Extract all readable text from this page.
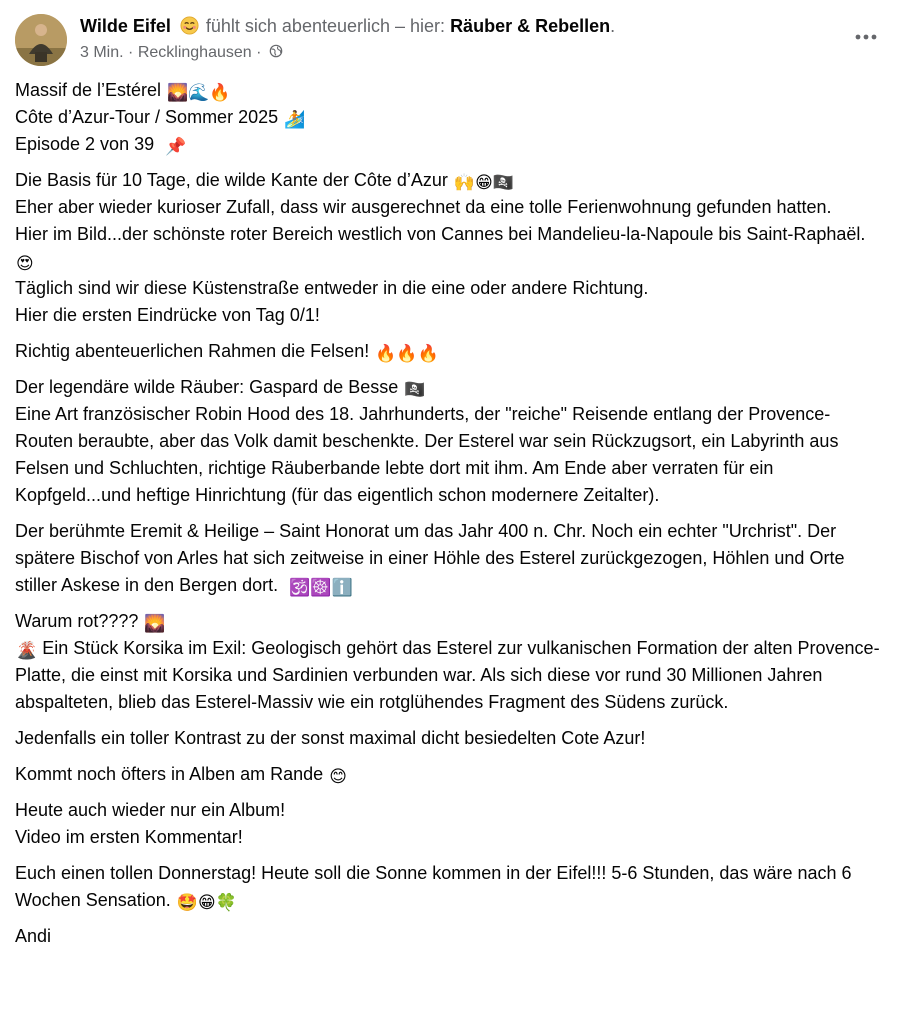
Wilde Eifel fühlt sich abenteuerlich – hier: Räuber & Rebellen.
3 Min. · Recklinghausen ·
Massif de l’Estérel 🌄🌊🔥
Côte d’Azur-Tour / Sommer 2025 🏄
Episode 2 von 39 📌
Die Basis für 10 Tage, die wilde Kante der Côte d’Azur 🙌😁🏴‍☠️
Eher aber wieder kurioser Zufall, dass wir ausgerechnet da eine tolle Ferienwohnung gefunden hatten.
Hier im Bild...der schönste roter Bereich westlich von Cannes bei Mandelieu-la-Napoule bis Saint-Raphaël. 😍
Täglich sind wir diese Küstenstraße entweder in die eine oder andere Richtung.
Hier die ersten Eindrücke von Tag 0/1!
Richtig abenteuerlichen Rahmen die Felsen! 🔥🔥🔥
Der legendäre wilde Räuber: Gaspard de Besse 🏴‍☠️
Eine Art französischer Robin Hood des 18. Jahrhunderts, der "reiche" Reisende entlang der Provence-Routen beraubte, aber das Volk damit beschenkte. Der Esterel war sein Rückzugsort, ein Labyrinth aus Felsen und Schluchten, richtige Räuberbande lebte dort mit ihm. Am Ende aber verraten für ein Kopfgeld...und heftige Hinrichtung (für das eigentlich schon modernere Zeitalter).
Der berühmte Eremit & Heilige – Saint Honorat um das Jahr 400 n. Chr. Noch ein echter "Urchrist". Der spätere Bischof von Arles hat sich zeitweise in einer Höhle des Esterel zurückgezogen, Höhlen und Orte stiller Askese in den Bergen dort. 🕉️☸️ℹ️
Warum rot???? 🌄
🌋 Ein Stück Korsika im Exil: Geologisch gehört das Esterel zur vulkanischen Formation der alten Provence-Platte, die einst mit Korsika und Sardinien verbunden war. Als sich diese vor rund 30 Millionen Jahren abspalteten, blieb das Esterel-Massiv wie ein rotglühendes Fragment des Südens zurück.
Jedenfalls ein toller Kontrast zu der sonst maximal dicht besiedelten Cote Azur!
Kommt noch öfters in Alben am Rande 😊
Heute auch wieder nur ein Album!
Video im ersten Kommentar!
Euch einen tollen Donnerstag! Heute soll die Sonne kommen in der Eifel!!! 5-6 Stunden, das wäre nach 6 Wochen Sensation. 🤩😁🍀
Andi
